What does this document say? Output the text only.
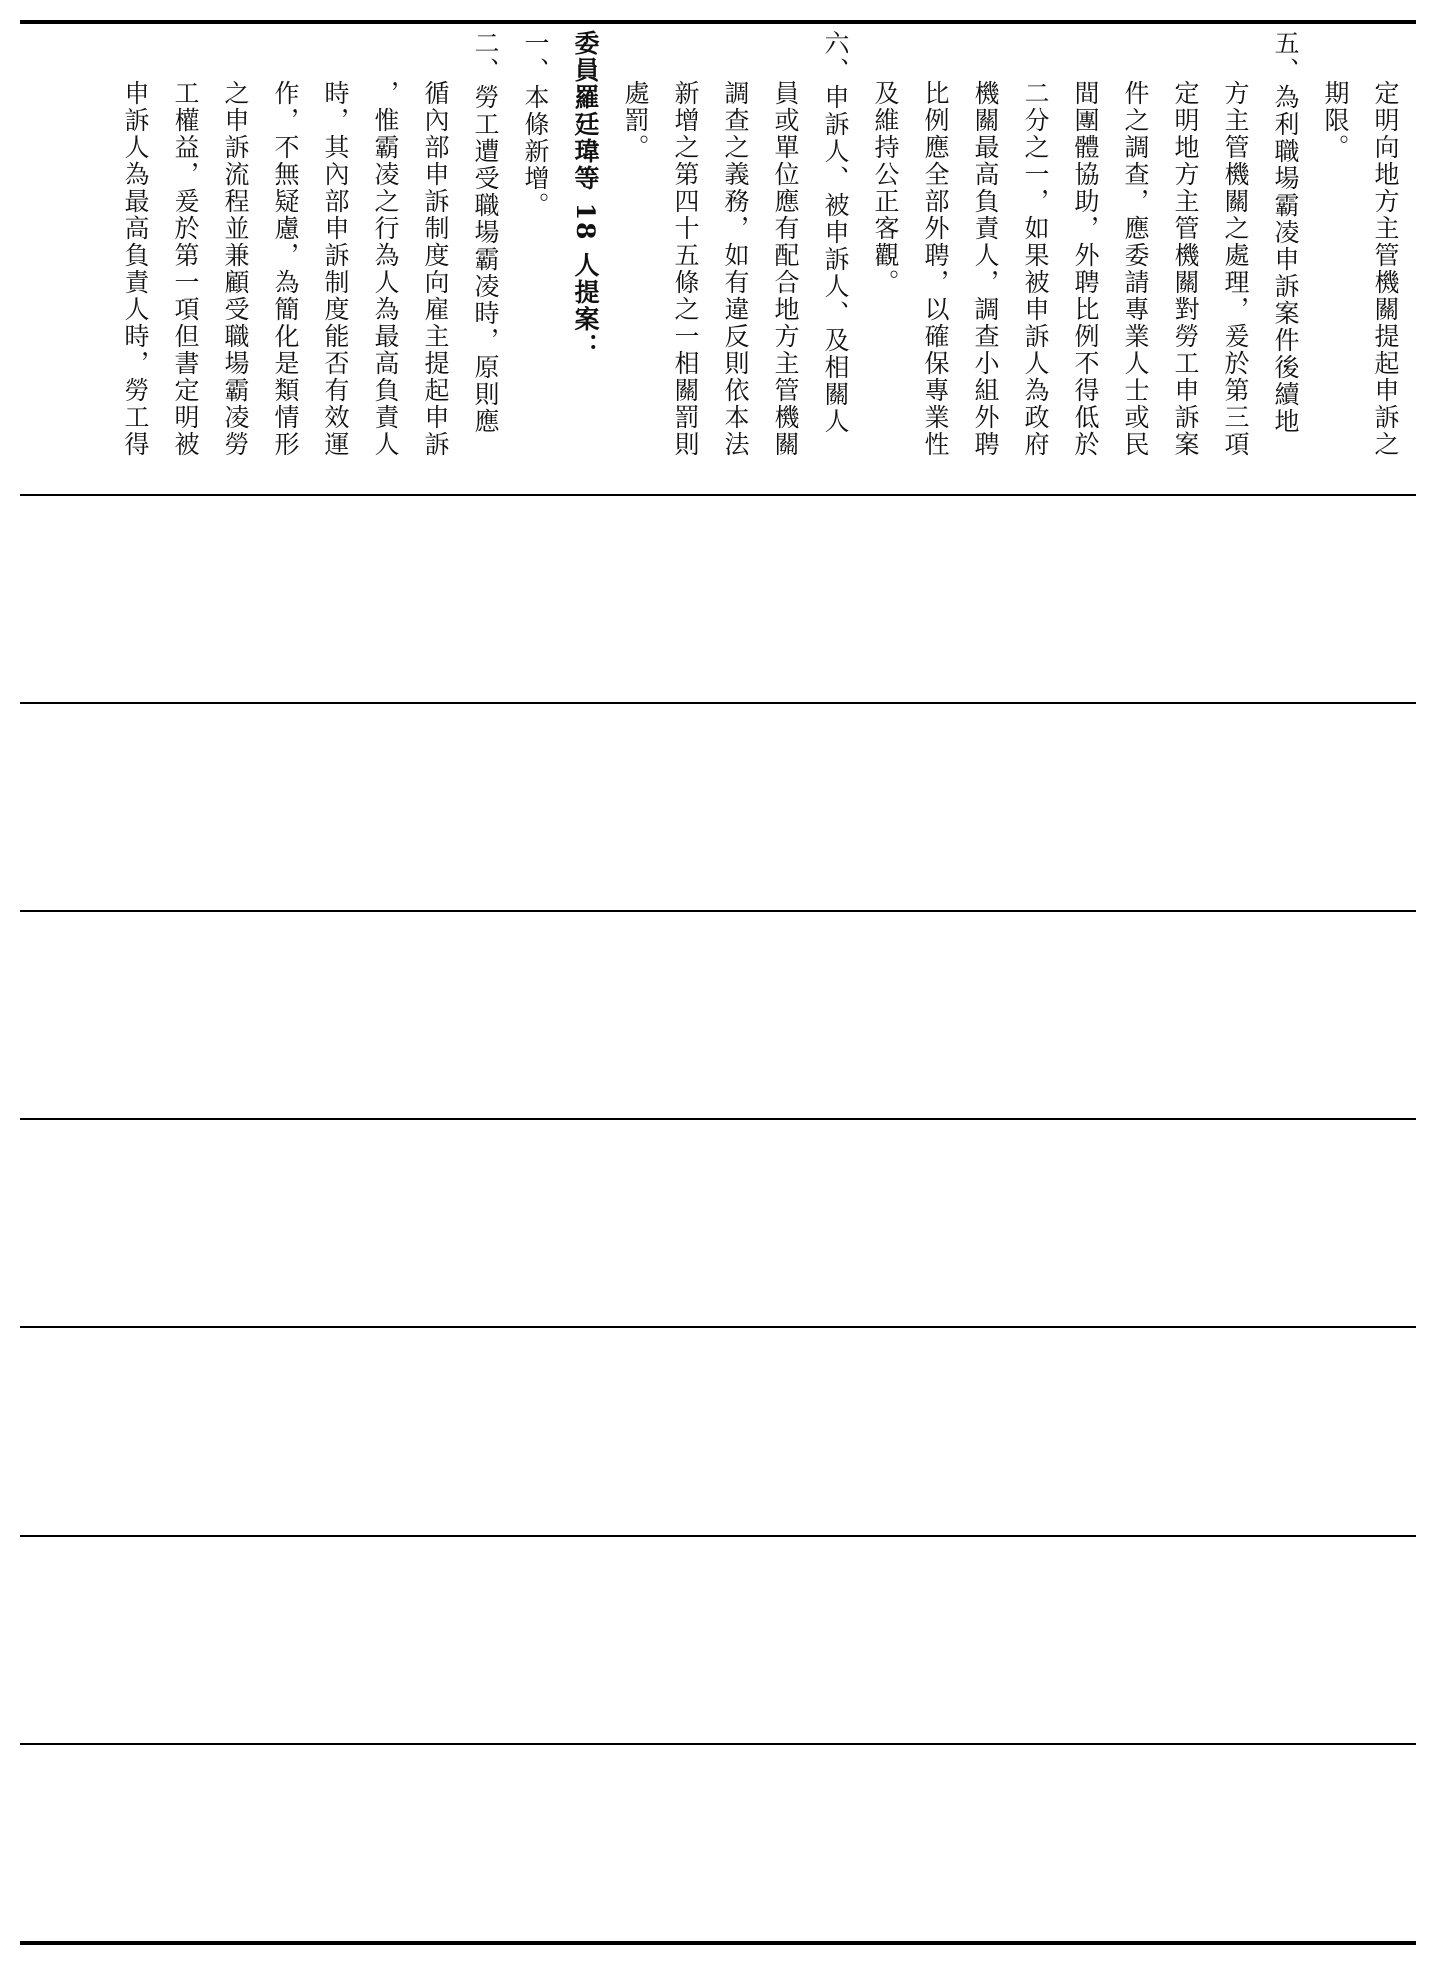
定明向地方主管機關提起申訴之
期限。
五、為利職場霸凌申訴案件後續地
方主管機關之處理，爰於第三項
定明地方主管機關對勞工申訴案
件之調查，應委請專業人士或民
間團體協助，外聘比例不得低於
二分之一，如果被申訴人為政府
機關最高負責人，調查小組外聘
比例應全部外聘，以確保專業性
及維持公正客觀。
六、申訴人、被申訴人、及相關人
員或單位應有配合地方主管機關
調查之義務，如有違反則依本法
新增之第四十五條之一相關罰則
處罰。
委員羅廷瑋等 18 人提案：
一、本條新增。
二、勞工遭受職場霸凌時，原則應
循內部申訴制度向雇主提起申訴
，惟霸凌之行為人為最高負責人
時，其內部申訴制度能否有效運
作，不無疑慮，為簡化是類情形
之申訴流程並兼顧受職場霸凌勞
工權益，爰於第一項但書定明被
申訴人為最高負責人時，勞工得
